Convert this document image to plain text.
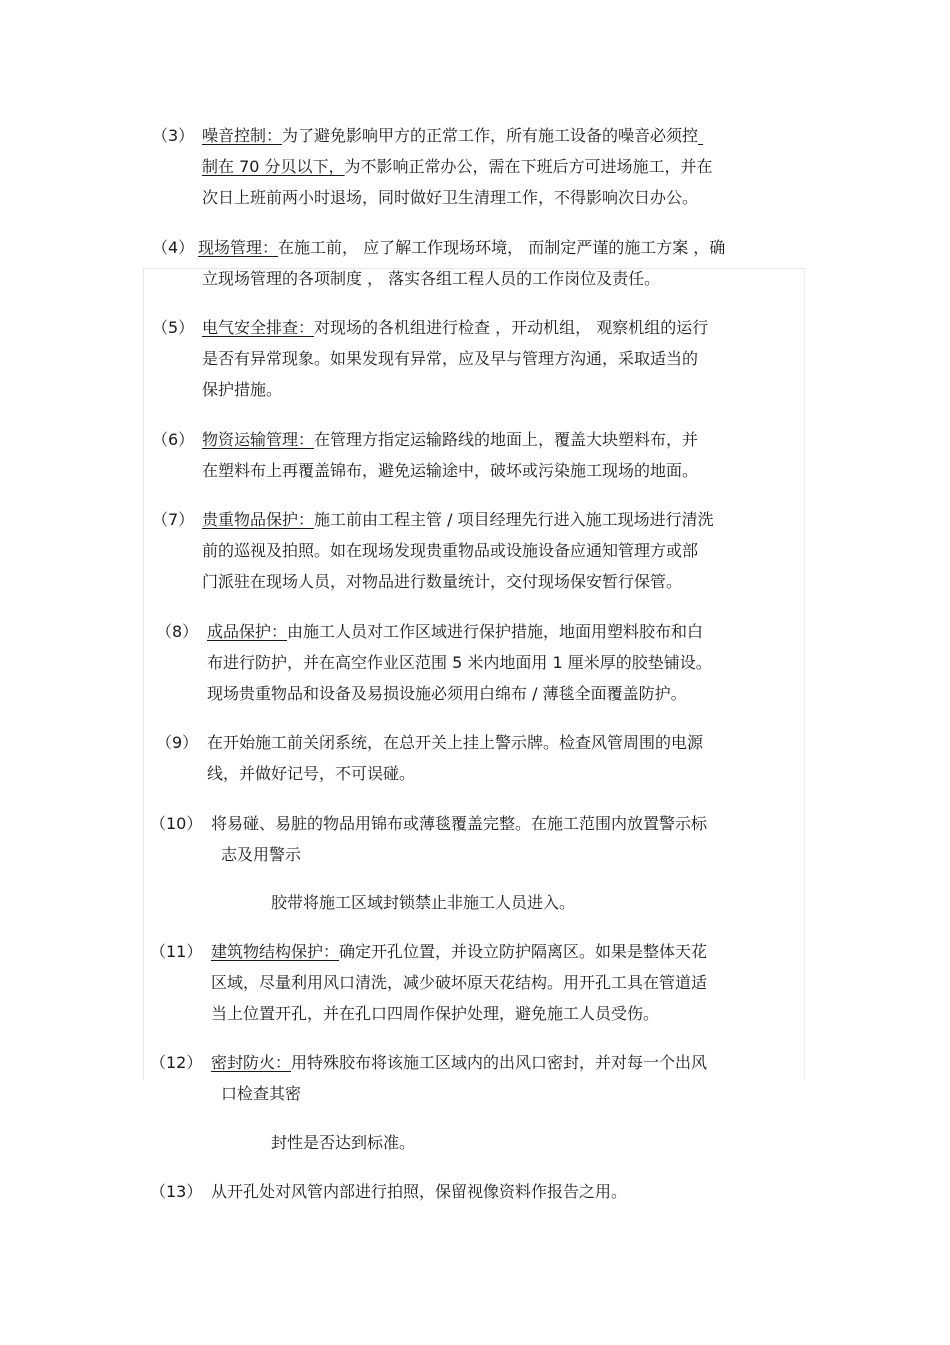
（3） 噪音控制：为了避免影响甲方的正常工作，所有施工设备的噪音必须控
制在 70 分贝以下，为不影响正常办公，需在下班后方可进场施工，并在
次日上班前两小时退场，同时做好卫生清理工作，不得影响次日办公。
（4） 现场管理：在施工前， 应了解工作现场环境， 而制定严谨的施工方案 ，确
立现场管理的各项制度 ， 落实各组工程人员的工作岗位及责任。
（5） 电气安全排查：对现场的各机组进行检查 ，开动机组， 观察机组的运行
是否有异常现象。如果发现有异常，应及早与管理方沟通，采取适当的
保护措施。
（6） 物资运输管理：在管理方指定运输路线的地面上，覆盖大块塑料布，并
在塑料布上再覆盖锦布，避免运输途中，破坏或污染施工现场的地面。
（7） 贵重物品保护：施工前由工程主管 / 项目经理先行进入施工现场进行清洗
前的巡视及拍照。如在现场发现贵重物品或设施设备应通知管理方或部
门派驻在现场人员，对物品进行数量统计，交付现场保安暂行保管。
（8） 成品保护：由施工人员对工作区域进行保护措施，地面用塑料胶布和白
布进行防护，并在高空作业区范围 5 米内地面用 1 厘米厚的胶垫铺设。
现场贵重物品和设备及易损设施必须用白绵布 / 薄毯全面覆盖防护。
（9） 在开始施工前关闭系统，在总开关上挂上警示牌。检查风管周围的电源
线，并做好记号，不可误碰。
（10） 将易碰、易脏的物品用锦布或薄毯覆盖完整。在施工范围内放置警示标
志及用警示
胶带将施工区域封锁禁止非施工人员进入。
（11） 建筑物结构保护：确定开孔位置，并设立防护隔离区。如果是整体天花
区域，尽量利用风口清洗，减少破坏原天花结构。用开孔工具在管道适
当上位置开孔，并在孔口四周作保护处理，避免施工人员受伤。
（12） 密封防火：用特殊胶布将该施工区域内的出风口密封，并对每一个出风
口检查其密
封性是否达到标准。
（13） 从开孔处对风管内部进行拍照，保留视像资料作报告之用。
